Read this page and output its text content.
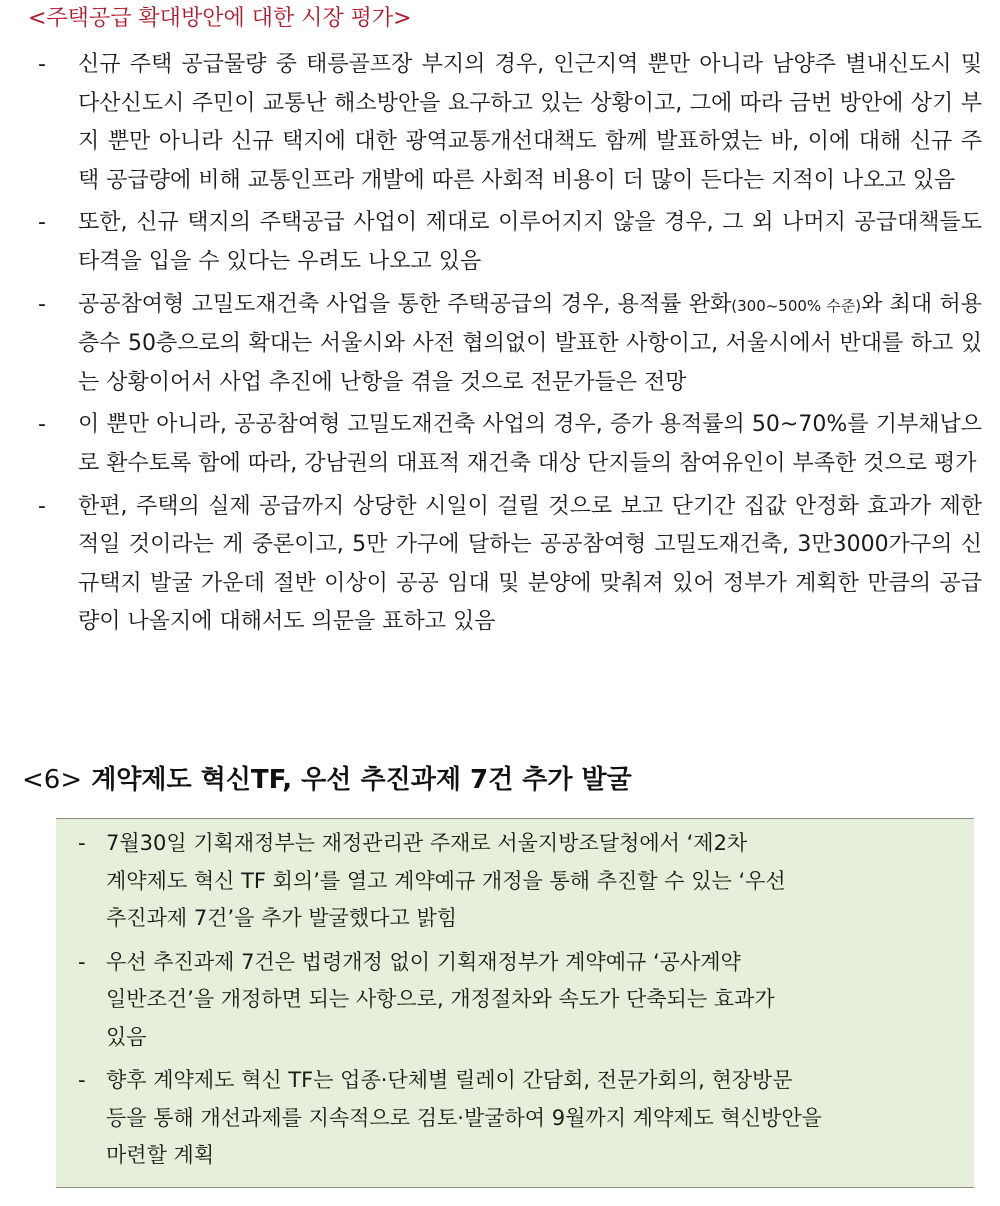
<주택공급 확대방안에 대한 시장 평가>
- 신규 주택 공급물량 중 태릉골프장 부지의 경우, 인근지역 뿐만 아니라 남양주 별내신도시 및 다산신도시 주민이 교통난 해소방안을 요구하고 있는 상황이고, 그에 따라 금번 방안에 상기 부지 뿐만 아니라 신규 택지에 대한 광역교통개선대책도 함께 발표하였는 바, 이에 대해 신규 주택 공급량에 비해 교통인프라 개발에 따른 사회적 비용이 더 많이 든다는 지적이 나오고 있음
- 또한, 신규 택지의 주택공급 사업이 제대로 이루어지지 않을 경우, 그 외 나머지 공급대책들도 타격을 입을 수 있다는 우려도 나오고 있음
- 공공참여형 고밀도재건축 사업을 통한 주택공급의 경우, 용적률 완화(300~500% 수준)와 최대 허용 층수 50층으로의 확대는 서울시와 사전 협의없이 발표한 사항이고, 서울시에서 반대를 하고 있는 상황이어서 사업 추진에 난항을 겪을 것으로 전문가들은 전망
- 이 뿐만 아니라, 공공참여형 고밀도재건축 사업의 경우, 증가 용적률의 50~70%를 기부채납으로 환수토록 함에 따라, 강남권의 대표적 재건축 대상 단지들의 참여유인이 부족한 것으로 평가
- 한편, 주택의 실제 공급까지 상당한 시일이 걸릴 것으로 보고 단기간 집값 안정화 효과가 제한적일 것이라는 게 중론이고, 5만 가구에 달하는 공공참여형 고밀도재건축, 3만3000가구의 신규택지 발굴 가운데 절반 이상이 공공 임대 및 분양에 맞춰져 있어 정부가 계획한 만큼의 공급량이 나올지에 대해서도 의문을 표하고 있음
<6> 계약제도 혁신TF, 우선 추진과제 7건 추가 발굴
- 7월30일 기획재정부는 재정관리관 주재로 서울지방조달청에서 ‘제2차
계약제도 혁신 TF 회의’를 열고 계약예규 개정을 통해 추진할 수 있는 ‘우선
추진과제 7건’을 추가 발굴했다고 밝힘
- 우선 추진과제 7건은 법령개정 없이 기획재정부가 계약예규 ‘공사계약
일반조건’을 개정하면 되는 사항으로, 개정절차와 속도가 단축되는 효과가
있음
- 향후 계약제도 혁신 TF는 업종·단체별 릴레이 간담회, 전문가회의, 현장방문
등을 통해 개선과제를 지속적으로 검토·발굴하여 9월까지 계약제도 혁신방안을
마련할 계획
